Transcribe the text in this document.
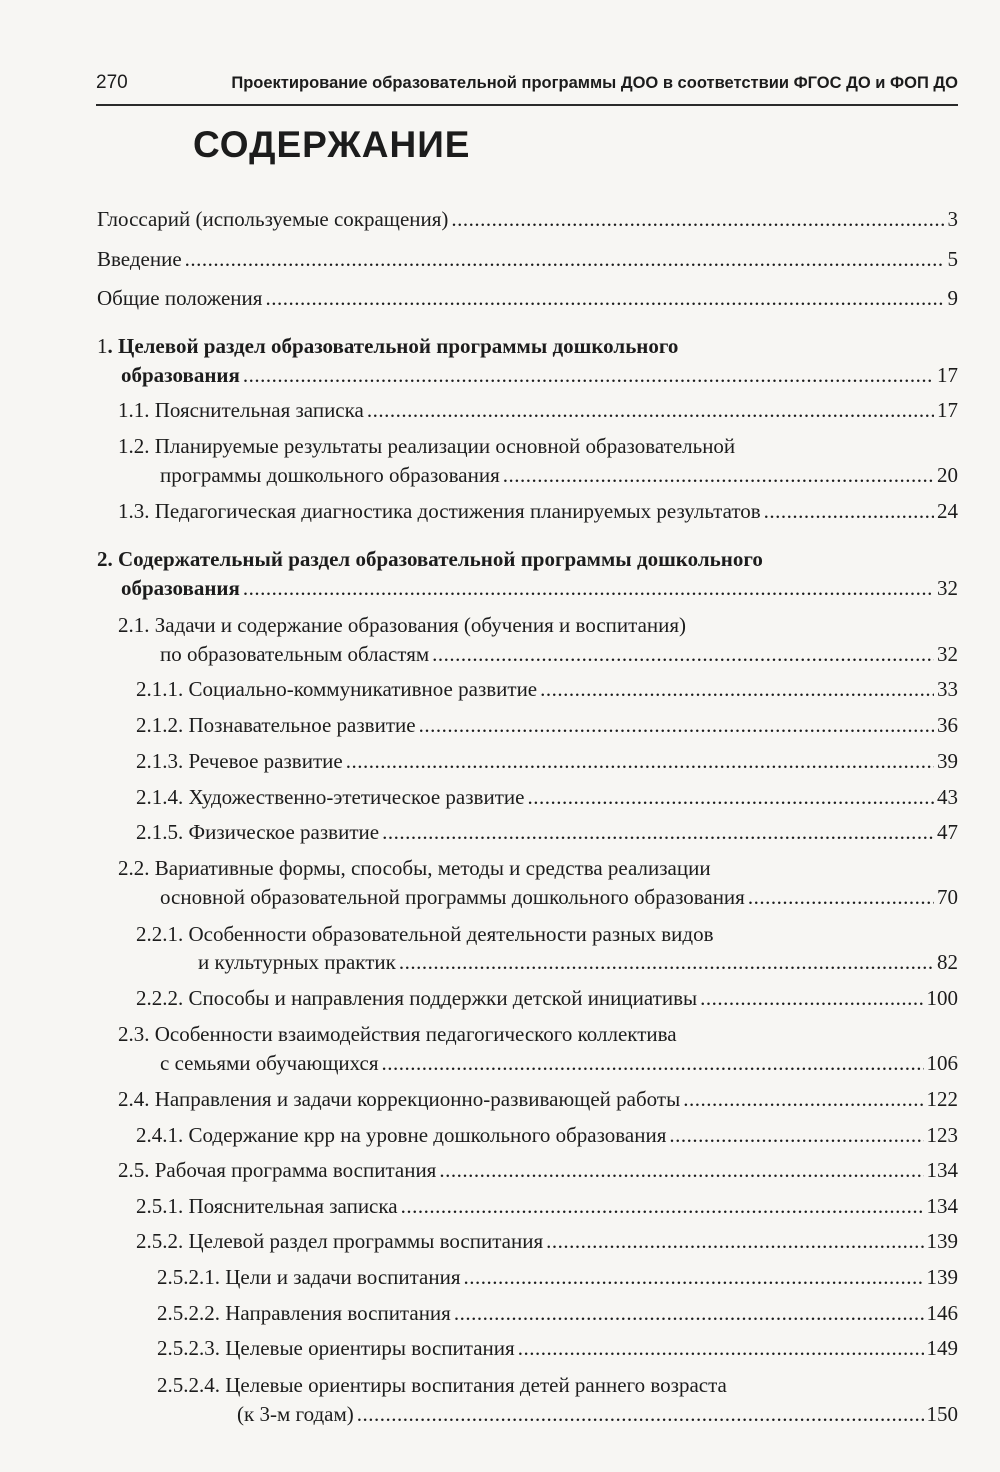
270	Проектирование образовательной программы ДОО в соответствии ФГОС ДО и ФОП ДО
СОДЕРЖАНИЕ
Глоссарий (используемые сокращения) .....	3
Введение .....	5
Общие положения .....	9
1. Целевой раздел образовательной программы дошкольного
образования .....	17
1.1. Пояснительная записка .....	17
1.2. Планируемые результаты реализации основной образовательной
программы дошкольного образования .....	20
1.3. Педагогическая диагностика достижения планируемых результатов .....	24
2. Содержательный раздел образовательной программы дошкольного
образования .....	32
2.1. Задачи и содержание образования (обучения и воспитания)
по образовательным областям .....	32
2.1.1. Социально-коммуникативное развитие .....	33
2.1.2. Познавательное развитие .....	36
2.1.3. Речевое развитие .....	39
2.1.4. Художественно-этетическое развитие .....	43
2.1.5. Физическое развитие .....	47
2.2. Вариативные формы, способы, методы и средства реализации
основной образовательной программы дошкольного образования .....	70
2.2.1. Особенности образовательной деятельности разных видов
и культурных практик .....	82
2.2.2. Способы и направления поддержки детской инициативы .....	100
2.3. Особенности взаимодействия педагогического коллектива
с семьями обучающихся .....	106
2.4. Направления и задачи коррекционно-развивающей работы .....	122
2.4.1. Содержание крр на уровне дошкольного образования .....	123
2.5. Рабочая программа воспитания .....	134
2.5.1. Пояснительная записка .....	134
2.5.2. Целевой раздел программы воспитания .....	139
2.5.2.1. Цели и задачи воспитания .....	139
2.5.2.2. Направления воспитания .....	146
2.5.2.3. Целевые ориентиры воспитания .....	149
2.5.2.4. Целевые ориентиры воспитания детей раннего возраста
(к 3-м годам) .....	150
